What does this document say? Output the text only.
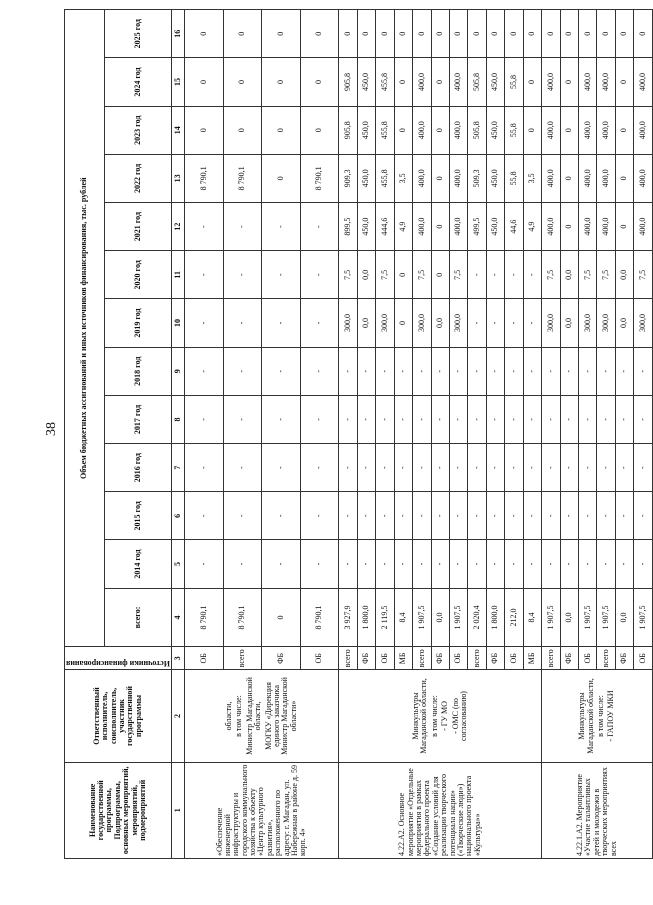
38
Наименование государственной программы, Подпрограммы, основных мероприятий, мероприятий, подмероприятий	Ответственный исполнитель, соисполнитель, участник государственной программы	Источники финансирования	Объем бюджетных ассигнований и иных источников финансирования, тыс. рублей												
			всего:	2014 год	2015 год	2016 год	2017 год	2018 год	2019 год	2020 год	2021 год	2022 год	2023 год	2024 год	2025 год
1	2	3	4	5	6	7	8	9	10	11	12	13	14	15	16
«Обеспечение инженерной инфраструктуры и городского коммунального хозяйства к объекту «Центр культурного развития», расположенного по адресу: г. Магадан, ул. Набережная в районе д. 59 корп. 4»	области, в том числе: Министр Магаданской области, МОГКУ «Дирекция единого заказчика Министр Магаданской области»	ОБ	8 790,1	-	-	-	-	-	-	-	-	8 790,1	0	0	0
		всего	8 790,1	-	-	-	-	-	-	-	-	8 790,1	0	0	0
		ФБ	0	-	-	-	-	-	-	-	-	0	0	0	0
		ОБ	8 790,1	-	-	-	-	-	-	-	-	8 790,1	0	0	0
4.22.А2. Основное мероприятие «Отдельные мероприятия в рамках федерального проекта «Создание условий для реализации творческого потенциала нации» («Творческие люди») национального проекта «Культура»»	Минкультуры Магаданской области, в том числе: - ГУ МО - ОМС (по согласованию)	всего	3 927,9	-	-	-	-	-	300,0	7,5	899,5	909,3	905,8	905,8	0
		ФБ	1 800,0	-	-	-	-	-	0,0	0,0	450,0	450,0	450,0	450,0	0
		ОБ	2 119,5	-	-	-	-	-	300,0	7,5	444,6	455,8	455,8	455,8	0
		МБ	8,4	-	-	-	-	-	0	0	4,9	3,5	0	0	0
		всего	1 907,5	-	-	-	-	-	300,0	7,5	400,0	400,0	400,0	400,0	0
		ФБ	0,0	-	-	-	-	-	0,0	0	0	0	0	0	0
		ОБ	1 907,5	-	-	-	-	-	300,0	7,5	400,0	400,0	400,0	400,0	0
		всего	2 020,4	-	-	-	-	-	-	-	499,5	509,3	505,8	505,8	0
		ФБ	1 800,0	-	-	-	-	-	-	-	450,0	450,0	450,0	450,0	0
		ОБ	212,0	-	-	-	-	-	-	-	44,6	55,8	55,8	55,8	0
		МБ	8,4	-	-	-	-	-	-	-	4,9	3,5	0	0	0
4.22.1.А2. Мероприятие «Участие талантливых детей и молодежи в творческих мероприятиях всех	Минкультуры Магаданской области, в том числе: - ГАПОУ МКИ	всего	1 907,5	-	-	-	-	-	300,0	7,5	400,0	400,0	400,0	400,0	0
		ФБ	0,0	-	-	-	-	-	0,0	0,0	0	0	0	0	0
		ОБ	1 907,5	-	-	-	-	-	300,0	7,5	400,0	400,0	400,0	400,0	0
		всего	1 907,5	-	-	-	-	-	300,0	7,5	400,0	400,0	400,0	400,0	0
		ФБ	0,0	-	-	-	-	-	0,0	0,0	0	0	0	0	0
		ОБ	1 907,5	-	-	-	-	-	300,0	7,5	400,0	400,0	400,0	400,0	0
